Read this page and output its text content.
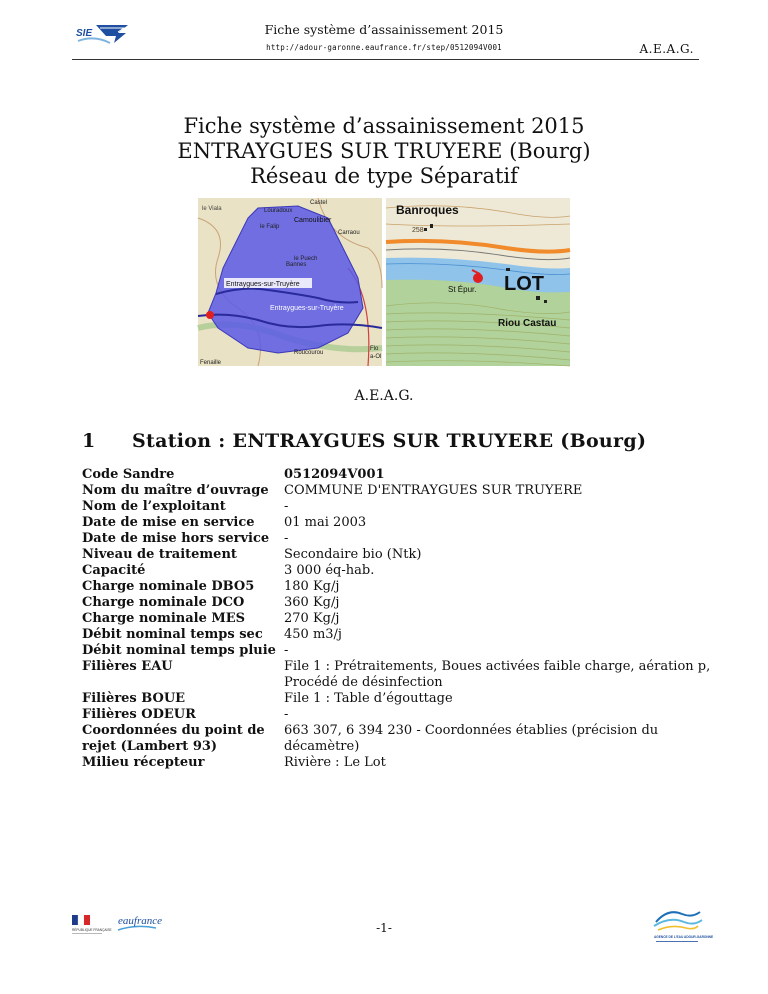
SIE	Fiche système d’assainissement 2015
http://adour-garonne.eaufrance.fr/step/0512094V001	A.E.A.G.
Fiche système d’assainissement 2015
ENTRAYGUES SUR TRUYERE (Bourg)
Réseau de type Séparatif
Entraygues-sur-Truyère
Entraygues-sur-Truyère
le Viala	Louradoux
Camoulibier
le Falip
Carraou
Castel
le Puech
Bannes
Roucourou
Fenaille
Flo
a-Ol
Banroques
258
LOT
St Épur.
Riou Castau
A.E.A.G.
1 Station : ENTRAYGUES SUR TRUYERE (Bourg)
Code Sandre	0512094V001
Nom du maître d’ouvrage	COMMUNE D'ENTRAYGUES SUR TRUYERE
Nom de l’exploitant	-
Date de mise en service	01 mai 2003
Date de mise hors service	-
Niveau de traitement	Secondaire bio (Ntk)
Capacité	3 000 éq-hab.
Charge nominale DBO5	180 Kg/j
Charge nominale DCO	360 Kg/j
Charge nominale MES	270 Kg/j
Débit nominal temps sec	450 m3/j
Débit nominal temps pluie	-
Filières EAU	File 1 : Prétraitements, Boues activées faible charge, aération p, Procédé de désinfection
Filières BOUE	File 1 : Table d’égouttage
Filières ODEUR	-
Coordonnées du point de rejet (Lambert 93)	663 307, 6 394 230 - Coordonnées établies (précision du décamètre)
Milieu récepteur	Rivière : Le Lot
RÉPUBLIQUE FRANÇAISE
eaufrance	-1-
AGENCE DE L'EAU ADOUR-GARONNE
